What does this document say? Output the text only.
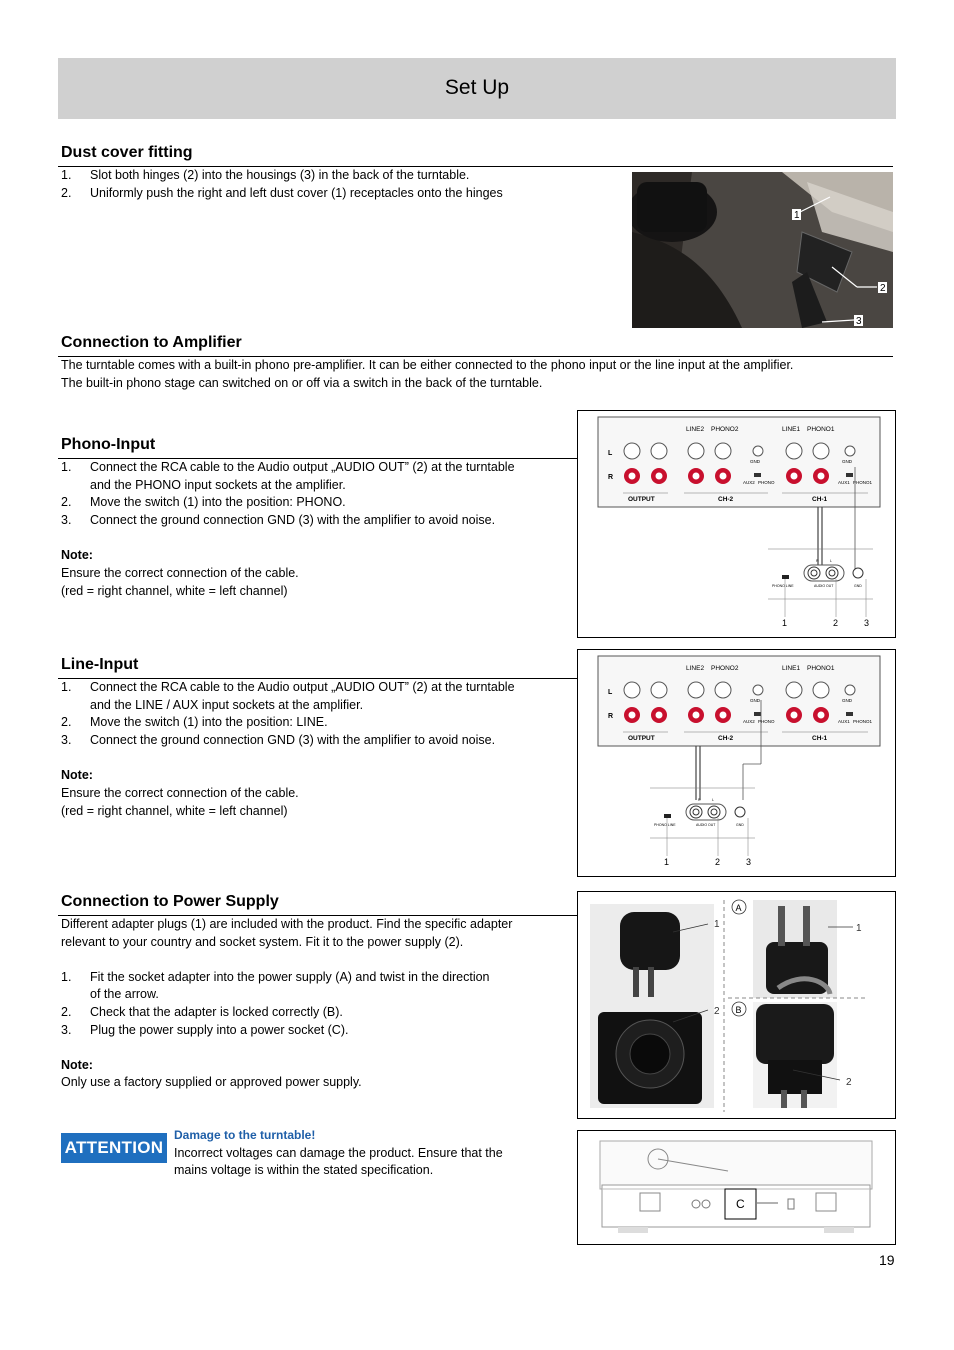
Set Up
Dust cover fitting
1. Slot both hinges (2) into the housings (3) in the back of the turntable.
2. Uniformly push the right and left dust cover (1) receptacles onto the hinges
1
2
3
Connection to Amplifier
The turntable comes with a built-in phono pre-amplifier. It can be either connected to the phono input or the line input at the amplifier.
The built-in phono stage can switched on or off via a switch in the back of the turntable.
Phono-Input
1. Connect the RCA cable to the Audio output „AUDIO OUT” (2) at the turntable
and the PHONO input sockets at the amplifier.
2. Move the switch (1) into the position: PHONO.
3. Connect the ground connection GND (3) with the amplifier to avoid noise.
Note:
Ensure the correct connection of the cable.
(red = right channel, white = left channel)
LINE2 PHONO2	LINE1 PHONO1
L
R
GND
AUX2 PHONO
GND
AUX1 PHONO1
OUTPUT	CH-2	CH-1
PHONO LINE	AUDIO OUT
R	L
GND
1	2	3
Line-Input
1. Connect the RCA cable to the Audio output „AUDIO OUT” (2) at the turntable
and the LINE / AUX input sockets at the amplifier.
2. Move the switch (1) into the position: LINE.
3. Connect the ground connection GND (3) with the amplifier to avoid noise.
Note:
Ensure the correct connection of the cable.
(red = right channel, white = left channel)
LINE2 PHONO2	LINE1 PHONO1
L
R
GND
AUX2 PHONO
GND
AUX1 PHONO1
OUTPUT	CH-2	CH-1
PHONO LINE	AUDIO OUT
R	L
GND
1	2	3
Connection to Power Supply
Different adapter plugs (1) are included with the product. Find the specific adapter
relevant to your country and socket system. Fit it to the power supply (2).
1. Fit the socket adapter into the power supply (A) and twist in the direction
of the arrow.
2. Check that the adapter is locked correctly (B).
3. Plug the power supply into a power socket (C).
Note:
Only use a factory supplied or approved power supply.
1
2
A
1
B
2
ATTENTION
Damage to the turntable!
Incorrect voltages can damage the product. Ensure that the
mains voltage is within the stated specification.
C
19
